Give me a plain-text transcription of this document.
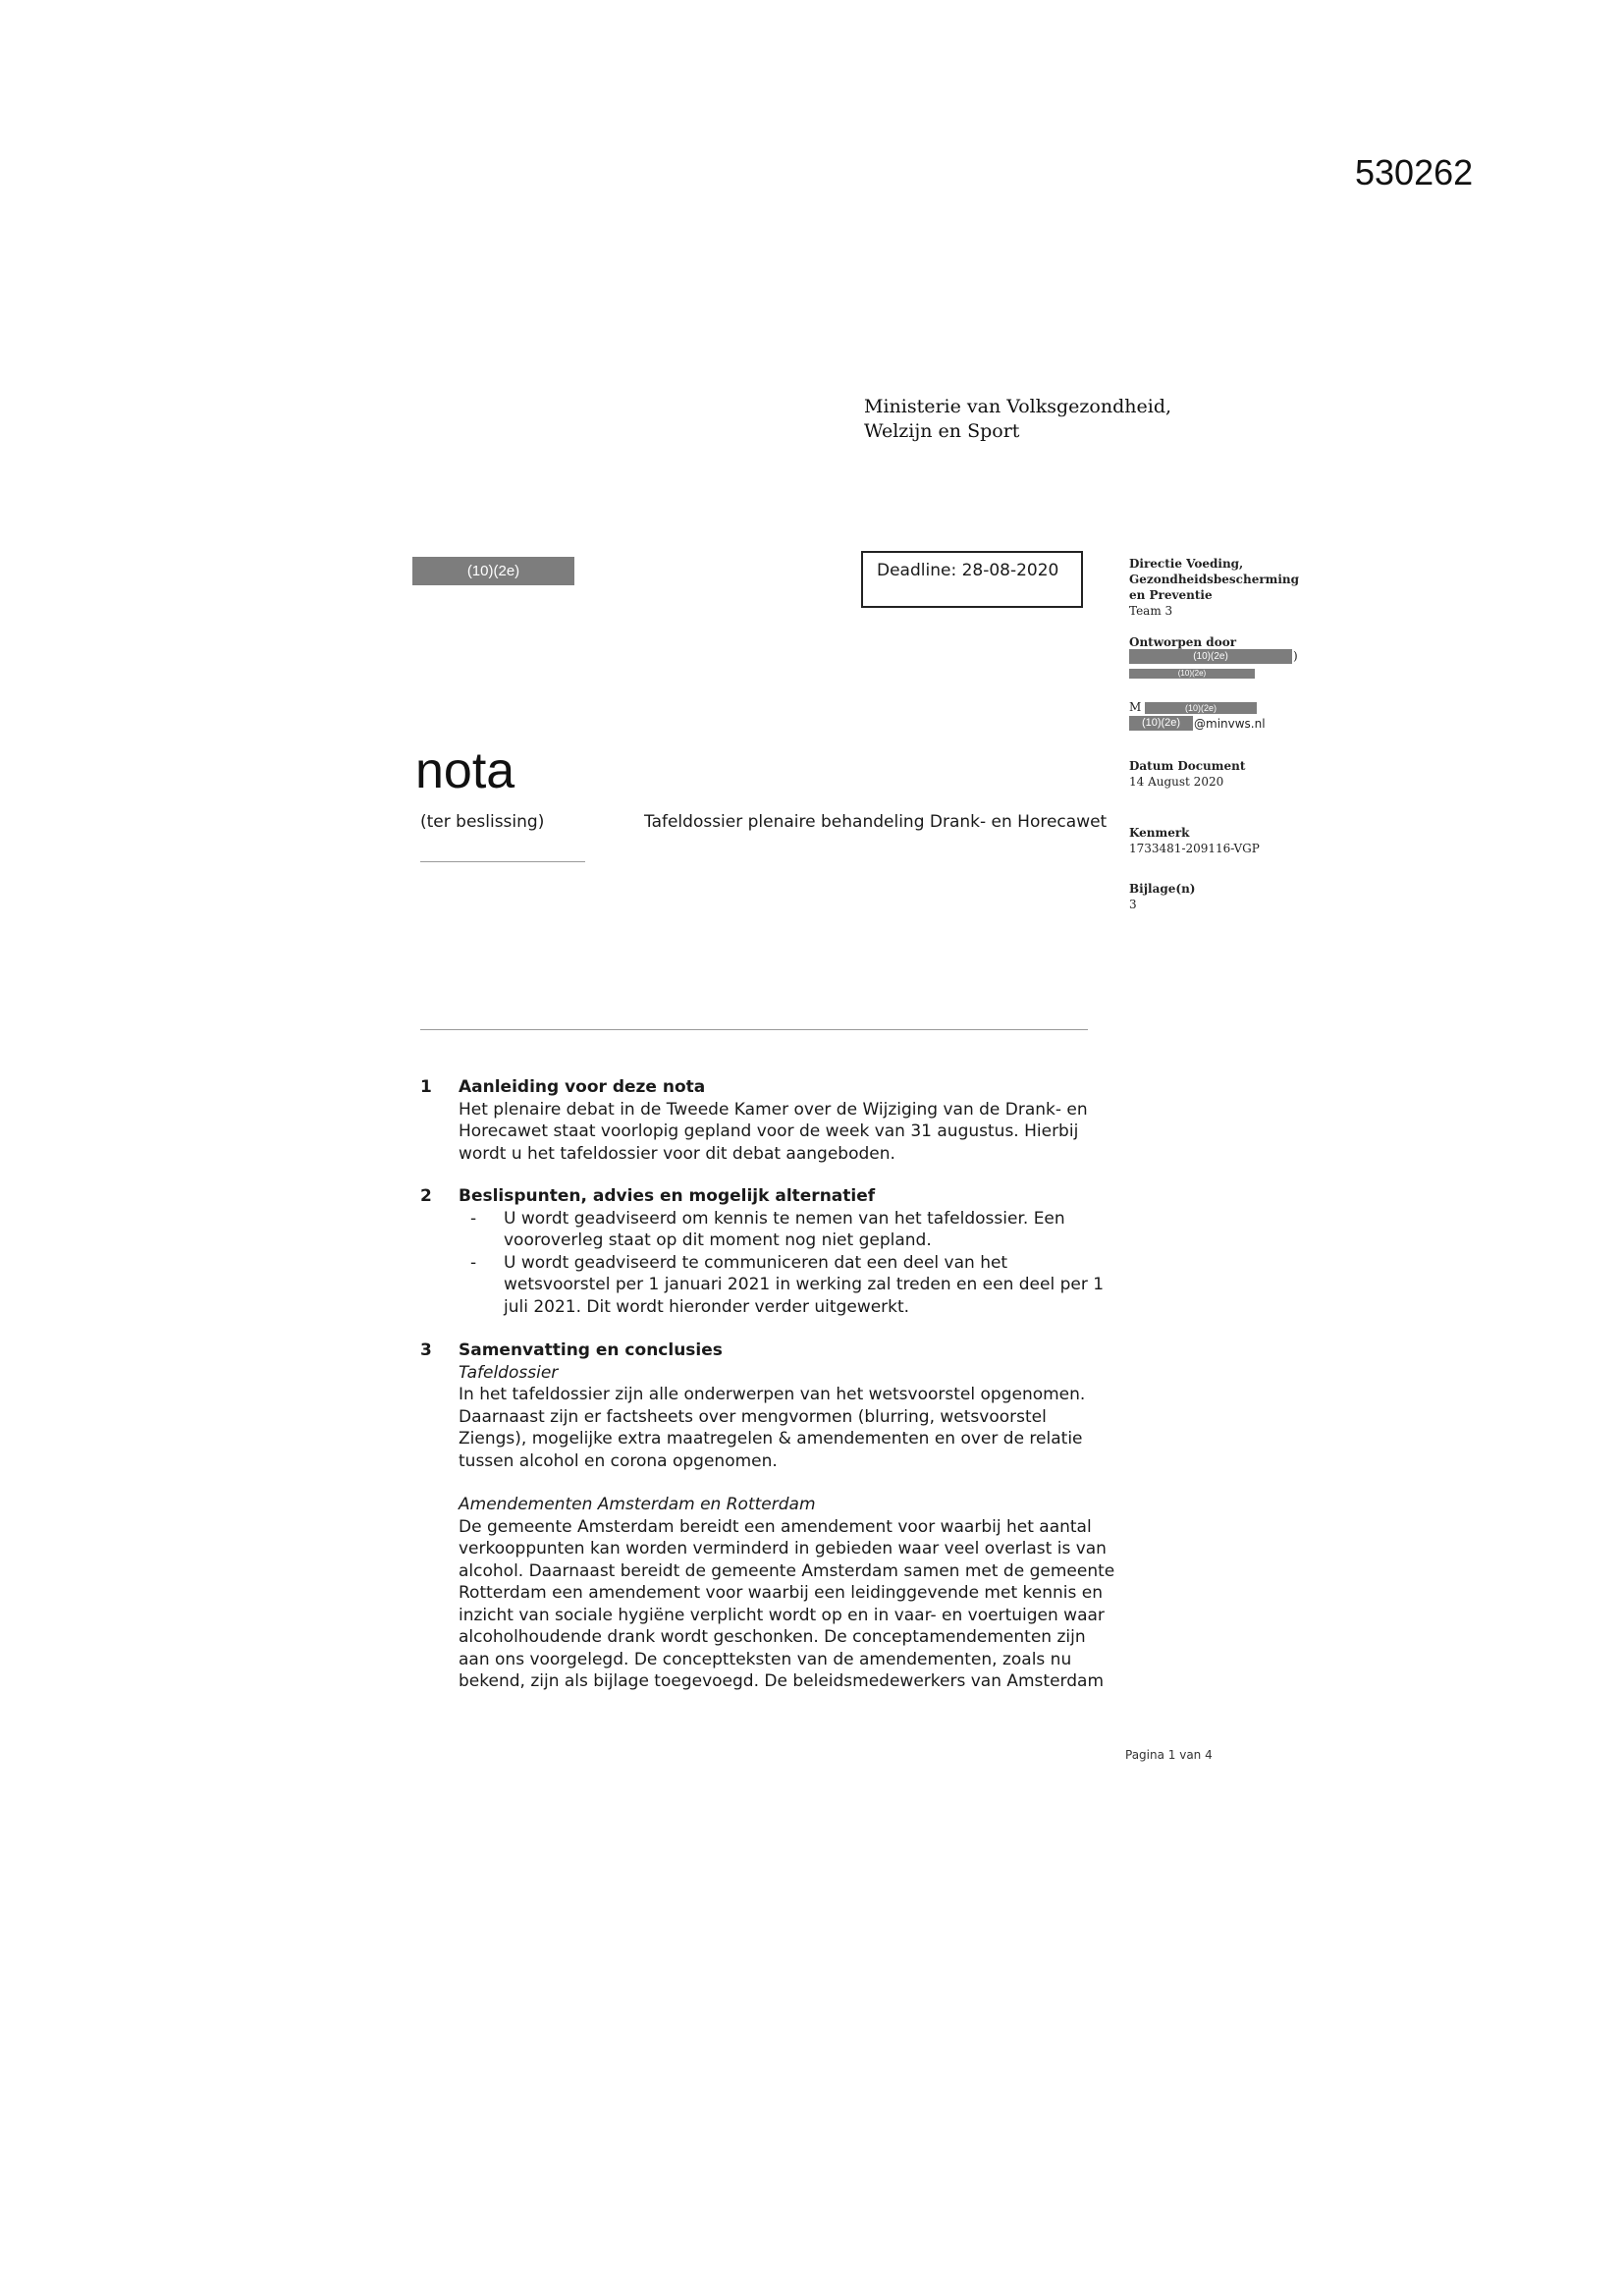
530262
Ministerie van Volksgezondheid,
Welzijn en Sport
(10)(2e)	Deadline: 28-08-2020
nota
(ter beslissing)	Tafeldossier plenaire behandeling Drank- en Horecawet
Directie Voeding,
Gezondheidsbescherming
en Preventie
Team 3
Ontworpen door
(10)(2e)	)
(10)(2e)
M	(10)(2e)
(10)(2e)	@minvws.nl
Datum Document
14 August 2020
Kenmerk
1733481-209116-VGP
Bijlage(n)
3
1 Aanleiding voor deze nota

Het plenaire debat in de Tweede Kamer over de Wijziging van de Drank- en

Horecawet staat voorlopig gepland voor de week van 31 augustus. Hierbij

wordt u het tafeldossier voor dit debat aangeboden.

2 Beslispunten, advies en mogelijk alternatief

- U wordt geadviseerd om kennis te nemen van het tafeldossier. Een

vooroverleg staat op dit moment nog niet gepland.

- U wordt geadviseerd te communiceren dat een deel van het

wetsvoorstel per 1 januari 2021 in werking zal treden en een deel per 1

juli 2021. Dit wordt hieronder verder uitgewerkt.

3 Samenvatting en conclusies

Tafeldossier

In het tafeldossier zijn alle onderwerpen van het wetsvoorstel opgenomen.

Daarnaast zijn er factsheets over mengvormen (blurring, wetsvoorstel

Ziengs), mogelijke extra maatregelen & amendementen en over de relatie

tussen alcohol en corona opgenomen.

Amendementen Amsterdam en Rotterdam

De gemeente Amsterdam bereidt een amendement voor waarbij het aantal

verkooppunten kan worden verminderd in gebieden waar veel overlast is van

alcohol. Daarnaast bereidt de gemeente Amsterdam samen met de gemeente

Rotterdam een amendement voor waarbij een leidinggevende met kennis en

inzicht van sociale hygiëne verplicht wordt op en in vaar- en voertuigen waar

alcoholhoudende drank wordt geschonken. De conceptamendementen zijn

aan ons voorgelegd. De conceptteksten van de amendementen, zoals nu

bekend, zijn als bijlage toegevoegd. De beleidsmedewerkers van Amsterdam

Pagina 1 van 4
